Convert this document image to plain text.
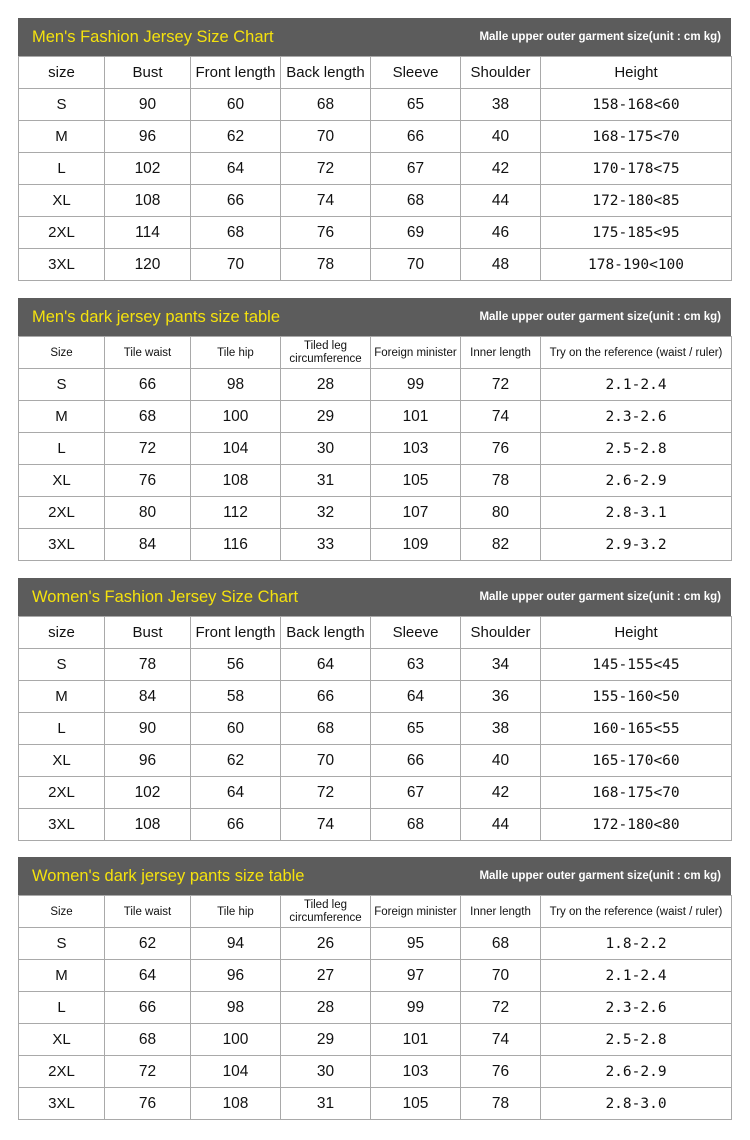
Men's Fashion Jersey Size Chart	Malle upper outer garment size(unit : cm kg)
size	Bust	Front length	Back length	Sleeve	Shoulder	Height
S	90	60	68	65	38	158-168<60
M	96	62	70	66	40	168-175<70
L	102	64	72	67	42	170-178<75
XL	108	66	74	68	44	172-180<85
2XL	114	68	76	69	46	175-185<95
3XL	120	70	78	70	48	178-190<100
Men's dark jersey pants size table	Malle upper outer garment size(unit : cm kg)
Size	Tile waist	Tile hip	Tiled leg circumference	Foreign minister	Inner length	Try on the reference (waist / ruler)
S	66	98	28	99	72	2.1-2.4
M	68	100	29	101	74	2.3-2.6
L	72	104	30	103	76	2.5-2.8
XL	76	108	31	105	78	2.6-2.9
2XL	80	112	32	107	80	2.8-3.1
3XL	84	116	33	109	82	2.9-3.2
Women's Fashion Jersey Size Chart	Malle upper outer garment size(unit : cm kg)
size	Bust	Front length	Back length	Sleeve	Shoulder	Height
S	78	56	64	63	34	145-155<45
M	84	58	66	64	36	155-160<50
L	90	60	68	65	38	160-165<55
XL	96	62	70	66	40	165-170<60
2XL	102	64	72	67	42	168-175<70
3XL	108	66	74	68	44	172-180<80
Women's dark jersey pants size table	Malle upper outer garment size(unit : cm kg)
Size	Tile waist	Tile hip	Tiled leg circumference	Foreign minister	Inner length	Try on the reference (waist / ruler)
S	62	94	26	95	68	1.8-2.2
M	64	96	27	97	70	2.1-2.4
L	66	98	28	99	72	2.3-2.6
XL	68	100	29	101	74	2.5-2.8
2XL	72	104	30	103	76	2.6-2.9
3XL	76	108	31	105	78	2.8-3.0
